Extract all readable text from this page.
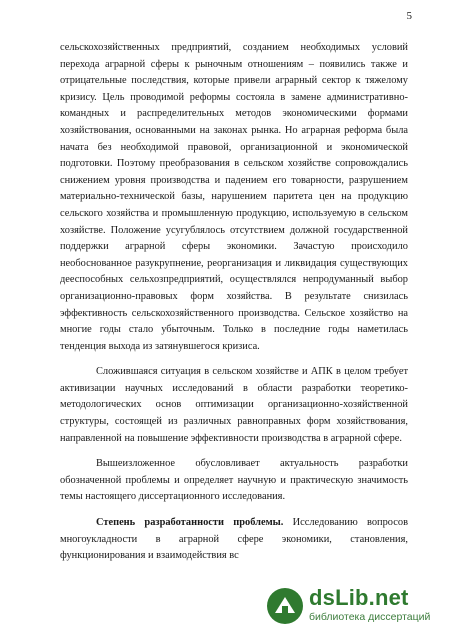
5
сельскохозяйственных предприятий, созданием необходимых условий
перехода аграрной сферы к рыночным отношениям – появились также и
отрицательные последствия, которые привели аграрный сектор к тяжелому
кризису. Цель проводимой реформы состояла в замене административно-
командных и распределительных методов экономическими формами
хозяйствования, основанными на законах рынка. Но аграрная реформа была
начата без необходимой правовой, организационной и экономической
подготовки. Поэтому преобразования в сельском хозяйстве сопровождались
снижением уровня производства и падением его товарности, разрушением
материально-технической базы, нарушением паритета цен на продукцию
сельского хозяйства и промышленную продукцию, используемую в сельском
хозяйстве. Положение усугублялось отсутствием должной государственной
поддержки аграрной сферы экономики. Зачастую происходило
необоснованное разукрупнение, реорганизация и ликвидация существующих
дееспособных сельхозпредприятий, осуществлялся непродуманный выбор
организационно-правовых форм хозяйства. В результате снизилась
эффективность сельскохозяйственного производства. Сельское хозяйство на
многие годы стало убыточным. Только в последние годы наметилась
тенденция выхода из затянувшегося кризиса.
Сложившаяся ситуация в сельском хозяйстве и АПК в целом требует
активизации научных исследований в области разработки теоретико-
методологических основ оптимизации организационно-хозяйственной
структуры, состоящей из различных равноправных форм хозяйствования,
направленной на повышение эффективности производства в аграрной сфере.
Вышеизложенное обусловливает актуальность разработки
обозначенной проблемы и определяет научную и практическую значимость
темы настоящего диссертационного исследования.
Степень разработанности проблемы. Исследованию вопросов
многоукладности в аграрной сфере экономики, становления,
функционирования и взаимодействия вс
dsLib.net
библиотека диссертаций
